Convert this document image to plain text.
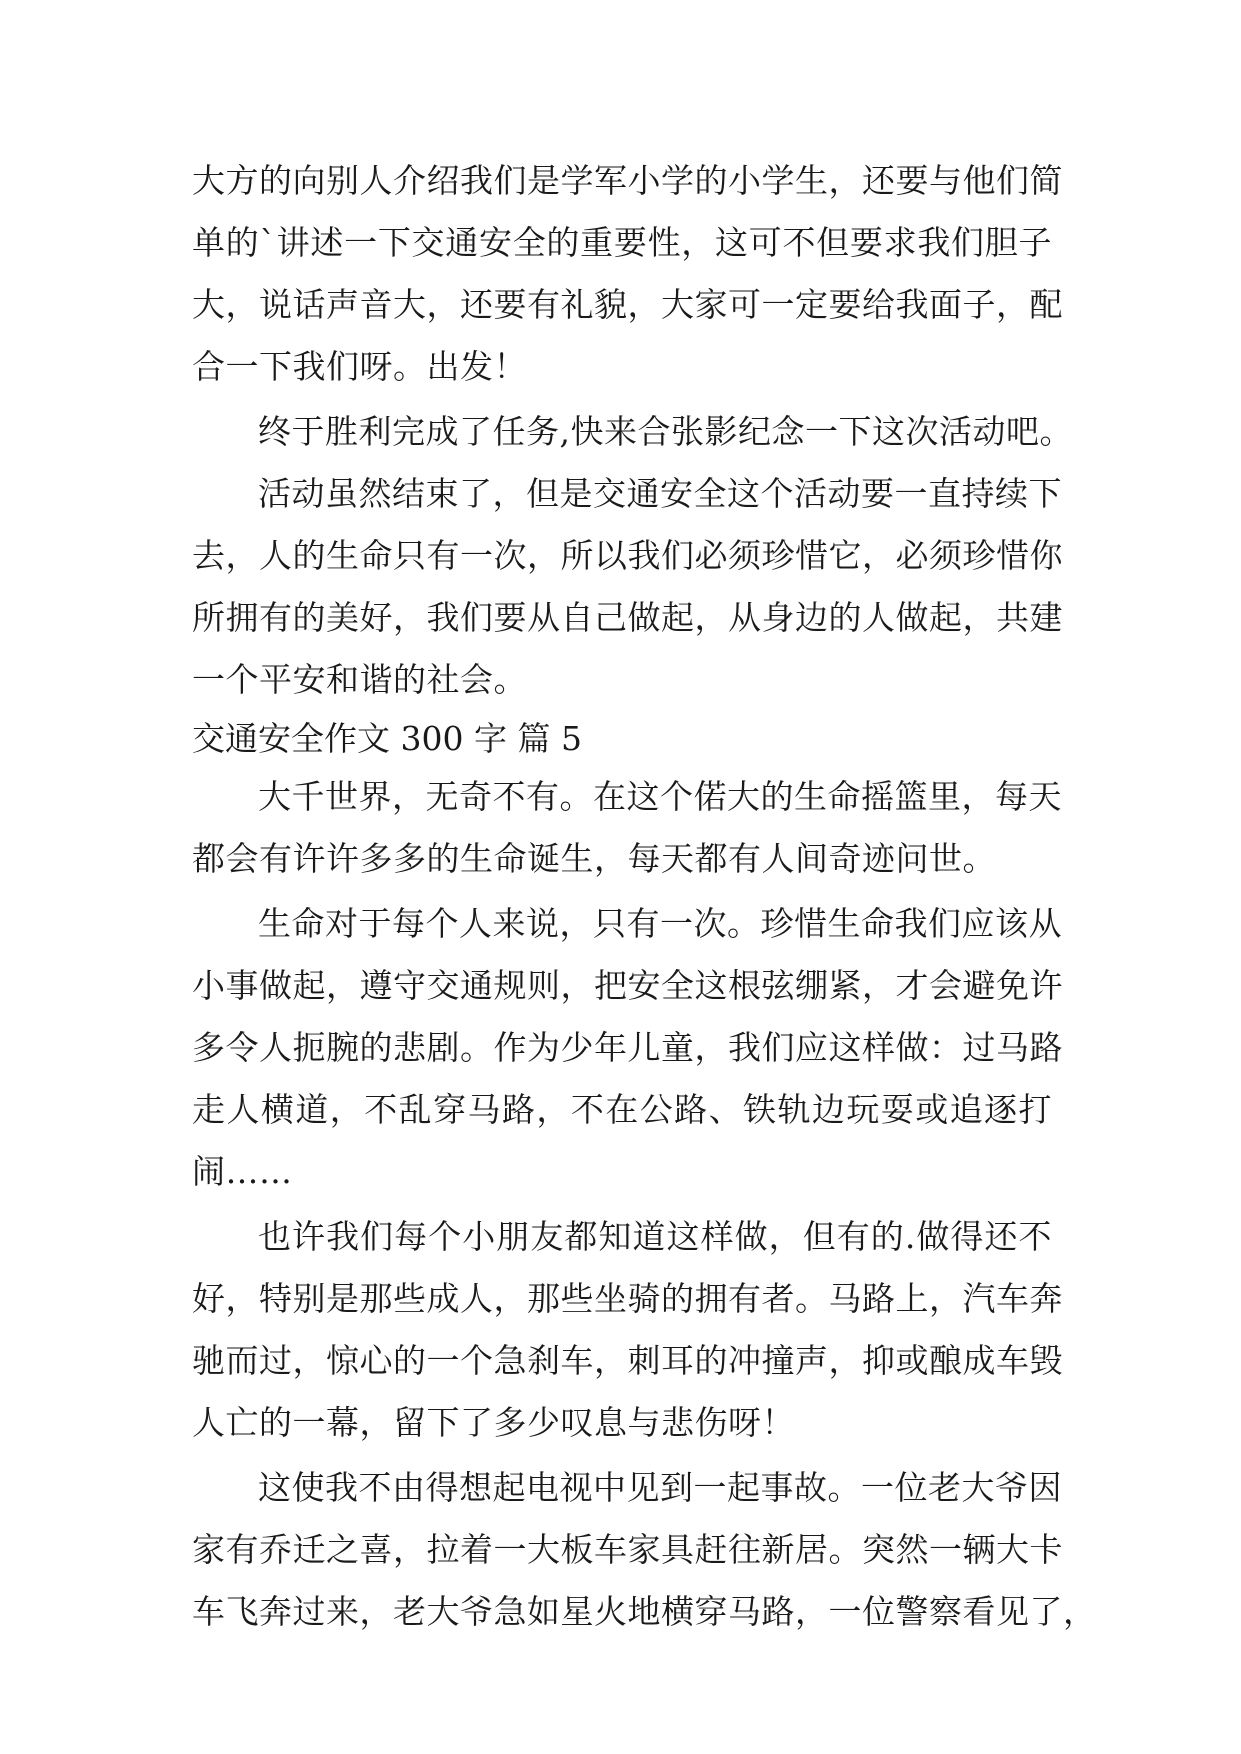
大方的向别人介绍我们是学军小学的小学生，还要与他们简
单的`讲述一下交通安全的重要性，这可不但要求我们胆子
大，说话声音大，还要有礼貌，大家可一定要给我面子，配
合一下我们呀。出发！
终于胜利完成了任务,快来合张影纪念一下这次活动吧。
活动虽然结束了，但是交通安全这个活动要一直持续下
去，人的生命只有一次，所以我们必须珍惜它，必须珍惜你
所拥有的美好，我们要从自己做起，从身边的人做起，共建
一个平安和谐的社会。
交通安全作文 300 字 篇 5
大千世界，无奇不有。在这个偌大的生命摇篮里，每天
都会有许许多多的生命诞生，每天都有人间奇迹问世。
生命对于每个人来说，只有一次。珍惜生命我们应该从
小事做起，遵守交通规则，把安全这根弦绷紧，才会避免许
多令人扼腕的悲剧。作为少年儿童，我们应这样做：过马路
走人横道，不乱穿马路，不在公路、铁轨边玩耍或追逐打
闹……
也许我们每个小朋友都知道这样做，但有的.做得还不
好，特别是那些成人，那些坐骑的拥有者。马路上，汽车奔
驰而过，惊心的一个急刹车，刺耳的冲撞声，抑或酿成车毁
人亡的一幕，留下了多少叹息与悲伤呀！
这使我不由得想起电视中见到一起事故。一位老大爷因
家有乔迁之喜，拉着一大板车家具赶往新居。突然一辆大卡
车飞奔过来，老大爷急如星火地横穿马路，一位警察看见了，
